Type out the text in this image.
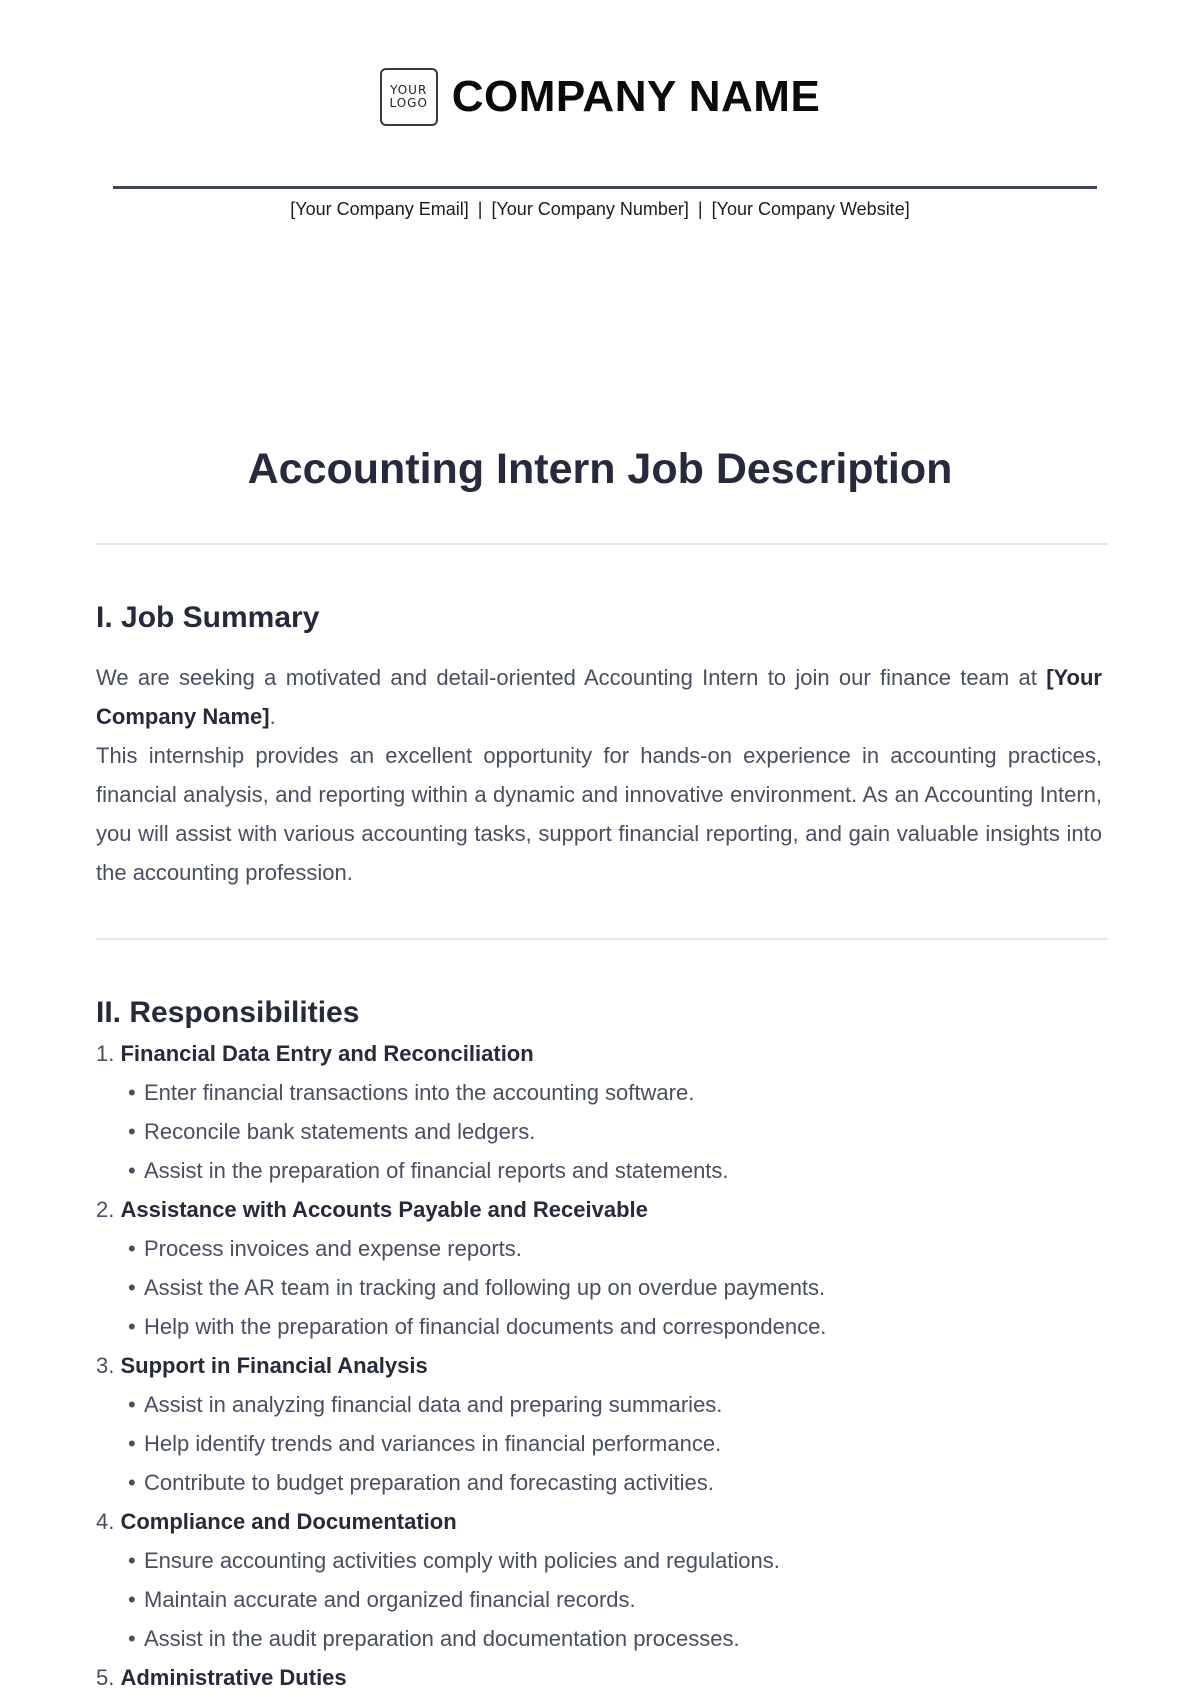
YOUR
LOGO COMPANY NAME
[Your Company Email] | [Your Company Number] | [Your Company Website]
Accounting Intern Job Description
I. Job Summary

We are seeking a motivated and detail-oriented Accounting Intern to join our finance team at [Your Company Name].

This internship provides an excellent opportunity for hands-on experience in accounting practices, financial analysis, and reporting within a dynamic and innovative environment. As an Accounting Intern, you will assist with various accounting tasks, support financial reporting, and gain valuable insights into the accounting profession.

II. Responsibilities
1. Financial Data Entry and Reconciliation
• Enter financial transactions into the accounting software.
• Reconcile bank statements and ledgers.
• Assist in the preparation of financial reports and statements.
2. Assistance with Accounts Payable and Receivable
• Process invoices and expense reports.
• Assist the AR team in tracking and following up on overdue payments.
• Help with the preparation of financial documents and correspondence.
3. Support in Financial Analysis
• Assist in analyzing financial data and preparing summaries.
• Help identify trends and variances in financial performance.
• Contribute to budget preparation and forecasting activities.
4. Compliance and Documentation
• Ensure accounting activities comply with policies and regulations.
• Maintain accurate and organized financial records.
• Assist in the audit preparation and documentation processes.
5. Administrative Duties
